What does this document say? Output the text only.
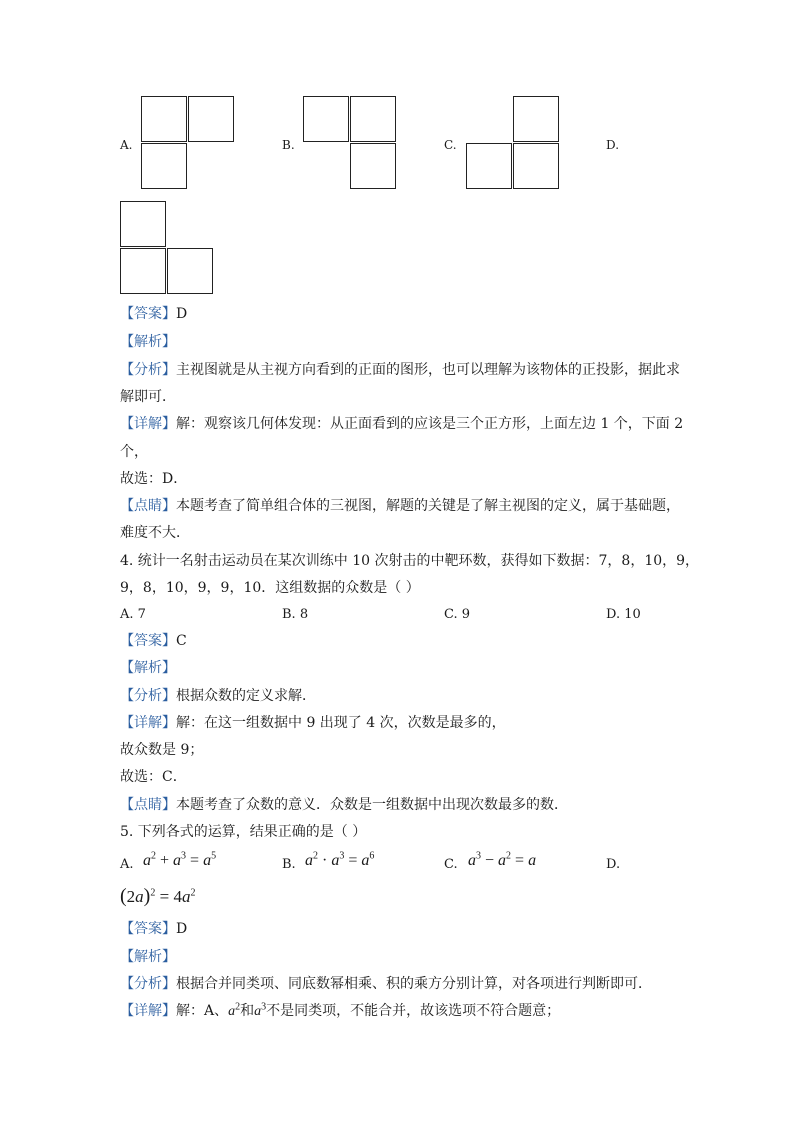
A.	B.	C.	D.
【答案】D
【解析】
【分析】主视图就是从主视方向看到的正面的图形，也可以理解为该物体的正投影，据此求
解即可．
【详解】解：观察该几何体发现：从正面看到的应该是三个正方形，上面左边 1 个，下面 2
个，
故选：D．
【点睛】本题考查了简单组合体的三视图，解题的关键是了解主视图的定义，属于基础题，
难度不大．
4. 统计一名射击运动员在某次训练中 10 次射击的中靶环数，获得如下数据：7，8，10，9，
9，8，10，9，9，10．这组数据的众数是（ ）
A. 7	B. 8	C. 9	D. 10
【答案】C
【解析】
【分析】根据众数的定义求解．
【详解】解：在这一组数据中 9 出现了 4 次，次数是最多的，
故众数是 9；
故选：C．
【点睛】本题考查了众数的意义．众数是一组数据中出现次数最多的数．
5. 下列各式的运算，结果正确的是（ ）
A. $a^2 + a^3 = a^5$
B. $a^2 \cdot a^3 = a^6$
C. $a^3 - a^2 = a$	D.
$(2a)^2 = 4a^2$
【答案】D
【解析】
【分析】根据合并同类项、同底数幂相乘、积的乘方分别计算，对各项进行判断即可．
【详解】解：A、$a^2$和$a^3$不是同类项，不能合并，故该选项不符合题意；
